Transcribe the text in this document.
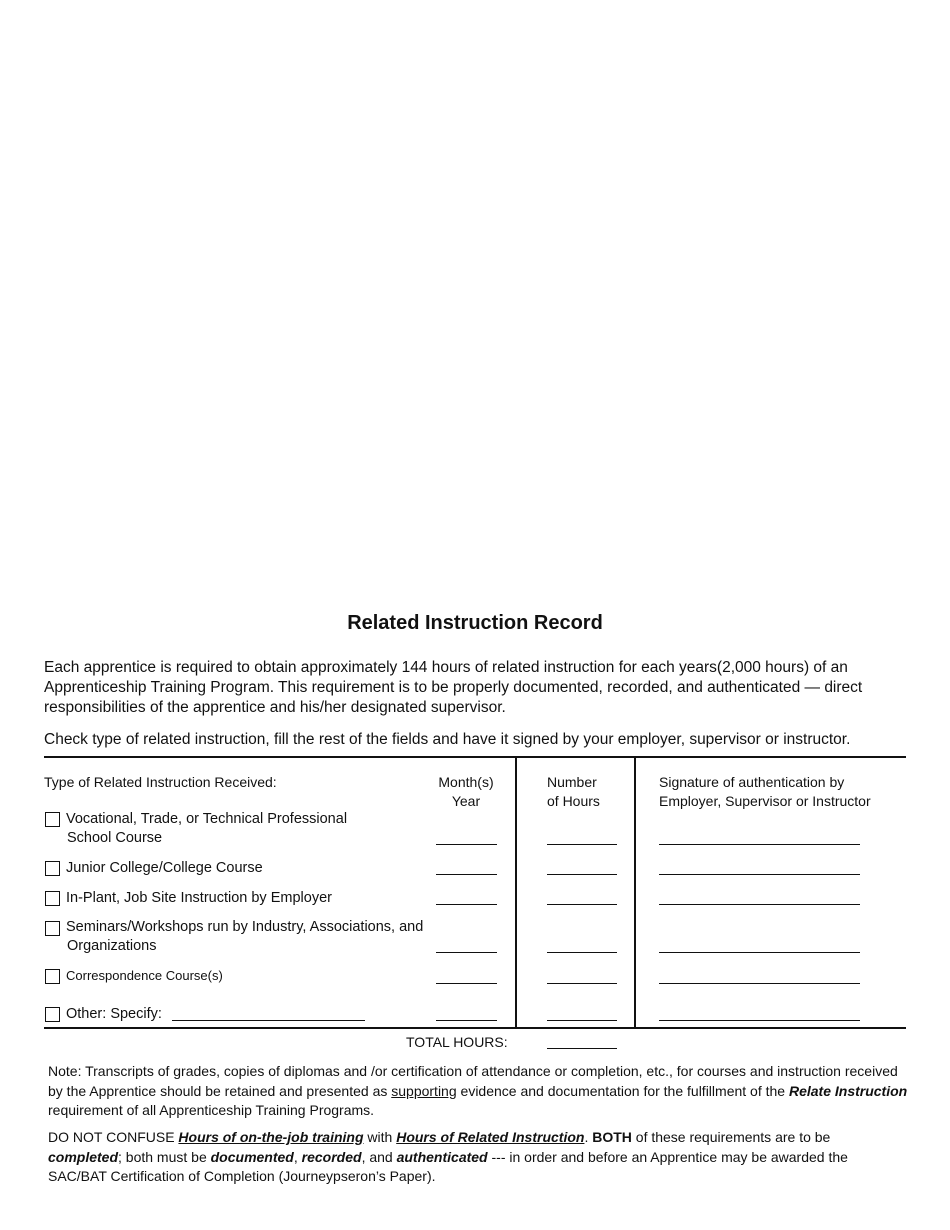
Related Instruction Record
Each apprentice is required to obtain approximately 144 hours of related instruction for each years(2,000 hours) of an Apprenticeship Training Program. This requirement is to be properly documented, recorded, and authenticated — direct responsibilities of the apprentice and his/her designated supervisor.
Check type of related instruction, fill the rest of the fields and have it signed by your employer, supervisor or instructor.
Type of Related Instruction Received:	Month(s)
Year
Number
of Hours
Signature of authentication by
Employer, Supervisor or Instructor
Vocational, Trade, or Technical Professional
School Course
Junior College/College Course
In-Plant, Job Site Instruction by Employer
Seminars/Workshops run by Industry, Associations, and
Organizations
Correspondence Course(s)
Other: Specify:
TOTAL HOURS:
Note: Transcripts of grades, copies of diplomas and /or certification of attendance or completion, etc., for courses and instruction received by the Apprentice should be retained and presented as supporting evidence and documentation for the fulfillment of the Relate Instruction requirement of all Apprenticeship Training Programs.
DO NOT CONFUSE Hours of on-the-job training with Hours of Related Instruction. BOTH of these requirements are to be completed; both must be documented, recorded, and authenticated --- in order and before an Apprentice may be awarded the SAC/BAT Certification of Completion (Journeypseron’s Paper).
